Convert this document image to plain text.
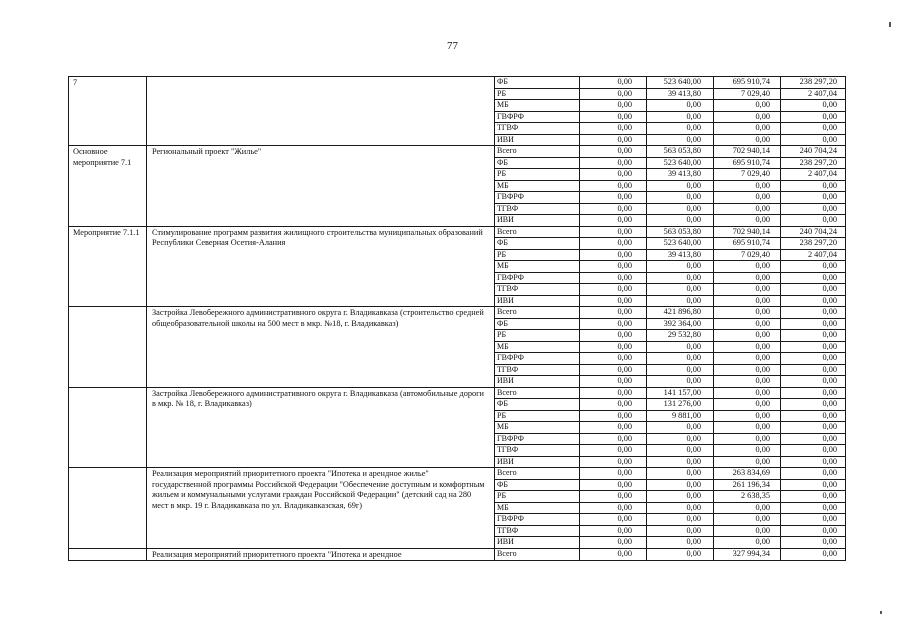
77
7		ФБ	0,00	523 640,00	695 910,74	238 297,20
		РБ	0,00	39 413,80	7 029,40	2 407,04
		МБ	0,00	0,00	0,00	0,00
		ГВФРФ	0,00	0,00	0,00	0,00
		ТГВФ	0,00	0,00	0,00	0,00
		ИВИ	0,00	0,00	0,00	0,00
Основное мероприятие 7.1	Региональный проект "Жилье"	Всего	0,00	563 053,80	702 940,14	240 704,24
		ФБ	0,00	523 640,00	695 910,74	238 297,20
		РБ	0,00	39 413,80	7 029,40	2 407,04
		МБ	0,00	0,00	0,00	0,00
		ГВФРФ	0,00	0,00	0,00	0,00
		ТГВФ	0,00	0,00	0,00	0,00
		ИВИ	0,00	0,00	0,00	0,00
Мероприятие 7.1.1	Стимулирование программ развития жилищного строительства муниципальных образований Республики Северная Осетия-Алания	Всего	0,00	563 053,80	702 940,14	240 704,24
		ФБ	0,00	523 640,00	695 910,74	238 297,20
		РБ	0,00	39 413,80	7 029,40	2 407,04
		МБ	0,00	0,00	0,00	0,00
		ГВФРФ	0,00	0,00	0,00	0,00
		ТГВФ	0,00	0,00	0,00	0,00
		ИВИ	0,00	0,00	0,00	0,00
	Застройка Левобережного административного округа г. Владикавказа (строительство средней общеобразовательной школы на 500 мест в мкр. №18, г. Владикавказ)	Всего	0,00	421 896,80	0,00	0,00
		ФБ	0,00	392 364,00	0,00	0,00
		РБ	0,00	29 532,80	0,00	0,00
		МБ	0,00	0,00	0,00	0,00
		ГВФРФ	0,00	0,00	0,00	0,00
		ТГВФ	0,00	0,00	0,00	0,00
		ИВИ	0,00	0,00	0,00	0,00
	Застройка Левобережного административного округа г. Владикавказа (автомобильные дороги в мкр. № 18, г. Владикавказ)	Всего	0,00	141 157,00	0,00	0,00
		ФБ	0,00	131 276,00	0,00	0,00
		РБ	0,00	9 881,00	0,00	0,00
		МБ	0,00	0,00	0,00	0,00
		ГВФРФ	0,00	0,00	0,00	0,00
		ТГВФ	0,00	0,00	0,00	0,00
		ИВИ	0,00	0,00	0,00	0,00
	Реализация мероприятий приоритетного проекта "Ипотека и арендное жилье" государственной программы Российской Федерации "Обеспечение доступным и комфортным жильем и коммунальными услугами граждан Российской Федерации" (детский сад на 280 мест в мкр. 19 г. Владикавказа по ул. Владикавказская, 69г)	Всего	0,00	0,00	263 834,69	0,00
		ФБ	0,00	0,00	261 196,34	0,00
		РБ	0,00	0,00	2 638,35	0,00
		МБ	0,00	0,00	0,00	0,00
		ГВФРФ	0,00	0,00	0,00	0,00
		ТГВФ	0,00	0,00	0,00	0,00
		ИВИ	0,00	0,00	0,00	0,00
	Реализация мероприятий приоритетного проекта "Ипотека и арендное	Всего	0,00	0,00	327 994,34	0,00
